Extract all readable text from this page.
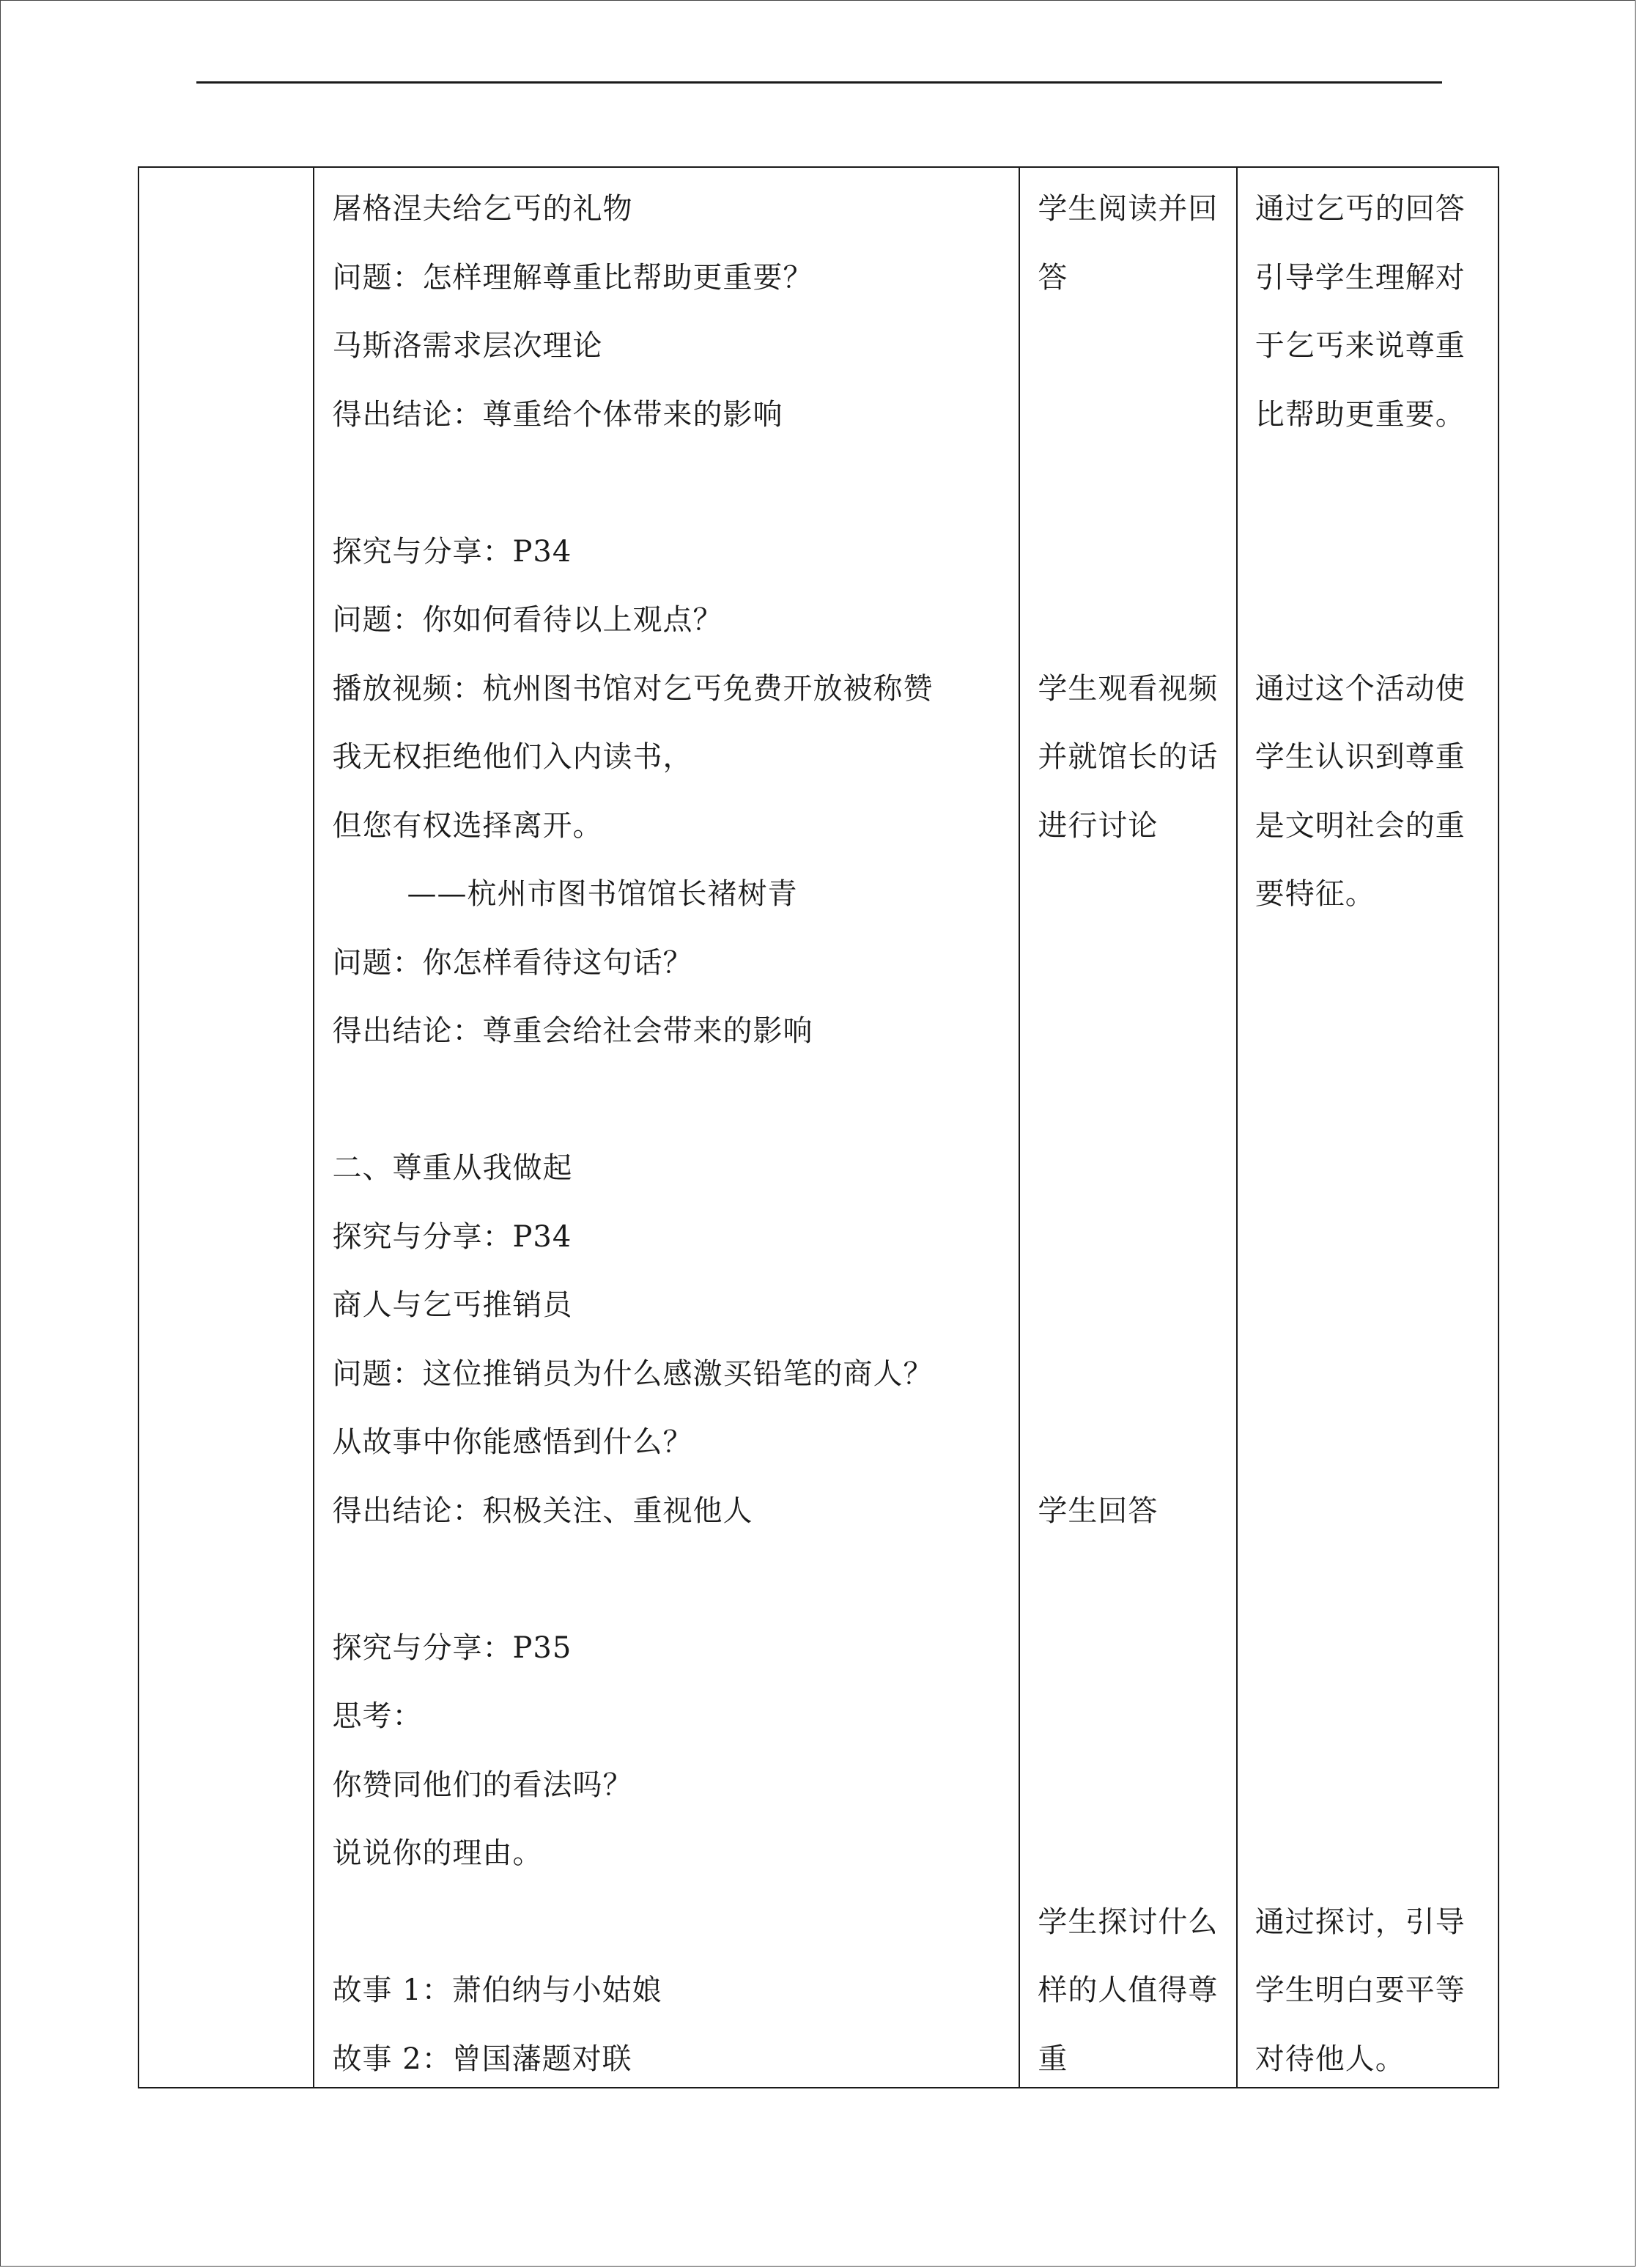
屠格涅夫给乞丐的礼物
问题：怎样理解尊重比帮助更重要？
马斯洛需求层次理论
得出结论：尊重给个体带来的影响
探究与分享：P34
问题：你如何看待以上观点？
播放视频：杭州图书馆对乞丐免费开放被称赞
我无权拒绝他们入内读书，
但您有权选择离开。
——杭州市图书馆馆长褚树青
问题：你怎样看待这句话？
得出结论：尊重会给社会带来的影响
二、尊重从我做起
探究与分享：P34
商人与乞丐推销员
问题：这位推销员为什么感激买铅笔的商人？
从故事中你能感悟到什么？
得出结论：积极关注、重视他人
探究与分享：P35
思考：
你赞同他们的看法吗？
说说你的理由。
故事 1：萧伯纳与小姑娘
故事 2：曾国藩题对联
学生阅读并回
答
学生观看视频
并就馆长的话
进行讨论
学生回答
学生探讨什么
样的人值得尊
重
通过乞丐的回答
引导学生理解对
于乞丐来说尊重
比帮助更重要。
通过这个活动使
学生认识到尊重
是文明社会的重
要特征。
通过探讨，引导
学生明白要平等
对待他人。
